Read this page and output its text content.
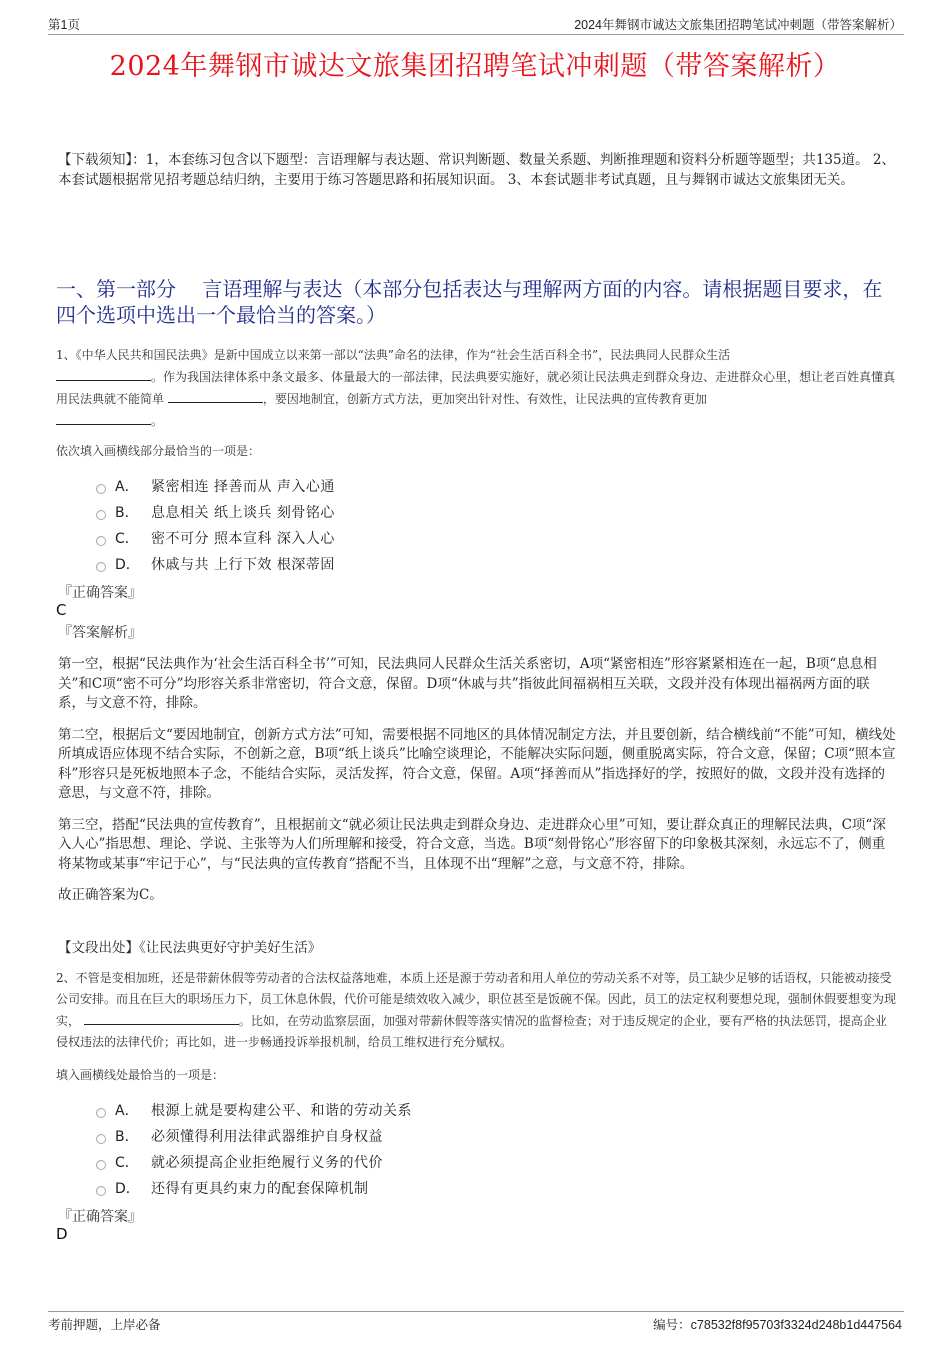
第1页	2024年舞钢市诚达文旅集团招聘笔试冲刺题（带答案解析）
2024年舞钢市诚达文旅集团招聘笔试冲刺题（带答案解析）
【下载须知】：1，本套练习包含以下题型：言语理解与表达题、常识判断题、数量关系题、判断推理题和资料分析题等题型；共135道。 2、本套试题根据常见招考题总结归纳，主要用于练习答题思路和拓展知识面。 3、本套试题非考试真题，且与舞钢市诚达文旅集团无关。
一、第一部分　 言语理解与表达（本部分包括表达与理解两方面的内容。请根据题目要求，在四个选项中选出一个最恰当的答案。）
1、《中华人民共和国民法典》是新中国成立以来第一部以“法典”命名的法律，作为“社会生活百科全书”，民法典同人民群众生活
。作为我国法律体系中条文最多、体量最大的一部法律，民法典要实施好，就必须让民法典走到群众身边、走进群众心里，想让老百姓真懂真用民法典就不能简单	，要因地制宜，创新方式方法，更加突出针对性、有效性，让民法典的宣传教育更加
。
依次填入画横线部分最恰当的一项是：
A． 紧密相连 择善而从 声入心通
B． 息息相关 纸上谈兵 刻骨铭心
C． 密不可分 照本宣科 深入人心
D． 休戚与共 上行下效 根深蒂固
『正确答案』
C
『答案解析』

第一空，根据“民法典作为‘社会生活百科全书’”可知，民法典同人民群众生活关系密切，A项“紧密相连”形容紧紧相连在一起，B项“息息相关”和C项“密不可分”均形容关系非常密切，符合文意，保留。D项“休戚与共”指彼此间福祸相互关联，文段并没有体现出福祸两方面的联系，与文意不符，排除。

第二空，根据后文“要因地制宜，创新方式方法”可知，需要根据不同地区的具体情况制定方法，并且要创新，结合横线前“不能”可知，横线处所填成语应体现不结合实际，不创新之意，B项“纸上谈兵”比喻空谈理论，不能解决实际问题，侧重脱离实际，符合文意，保留；C项“照本宣科”形容只是死板地照本子念，不能结合实际，灵活发挥，符合文意，保留。A项“择善而从”指选择好的学，按照好的做，文段并没有选择的意思，与文意不符，排除。

第三空，搭配“民法典的宣传教育”，且根据前文“就必须让民法典走到群众身边、走进群众心里”可知，要让群众真正的理解民法典，C项“深入人心”指思想、理论、学说、主张等为人们所理解和接受，符合文意，当选。B项“刻骨铭心”形容留下的印象极其深刻，永远忘不了，侧重将某物或某事“牢记于心”，与“民法典的宣传教育”搭配不当，且体现不出“理解”之意，与文意不符，排除。

故正确答案为C。

【文段出处】《让民法典更好守护美好生活》
2、不管是变相加班，还是带薪休假等劳动者的合法权益落地难，本质上还是源于劳动者和用人单位的劳动关系不对等，员工缺少足够的话语权，只能被动接受公司安排。而且在巨大的职场压力下，员工休息休假，代价可能是绩效收入减少，职位甚至是饭碗不保。因此，员工的法定权利要想兑现，强制休假要想变为现实，	。比如，在劳动监察层面，加强对带薪休假等落实情况的监督检查；对于违反规定的企业，要有严格的执法惩罚，提高企业侵权违法的法律代价；再比如，进一步畅通投诉举报机制，给员工维权进行充分赋权。
填入画横线处最恰当的一项是：
A． 根源上就是要构建公平、和谐的劳动关系
B． 必须懂得利用法律武器维护自身权益
C． 就必须提高企业拒绝履行义务的代价
D． 还得有更具约束力的配套保障机制
『正确答案』
D
考前押题，上岸必备	编号：c78532f8f95703f3324d248b1d447564
